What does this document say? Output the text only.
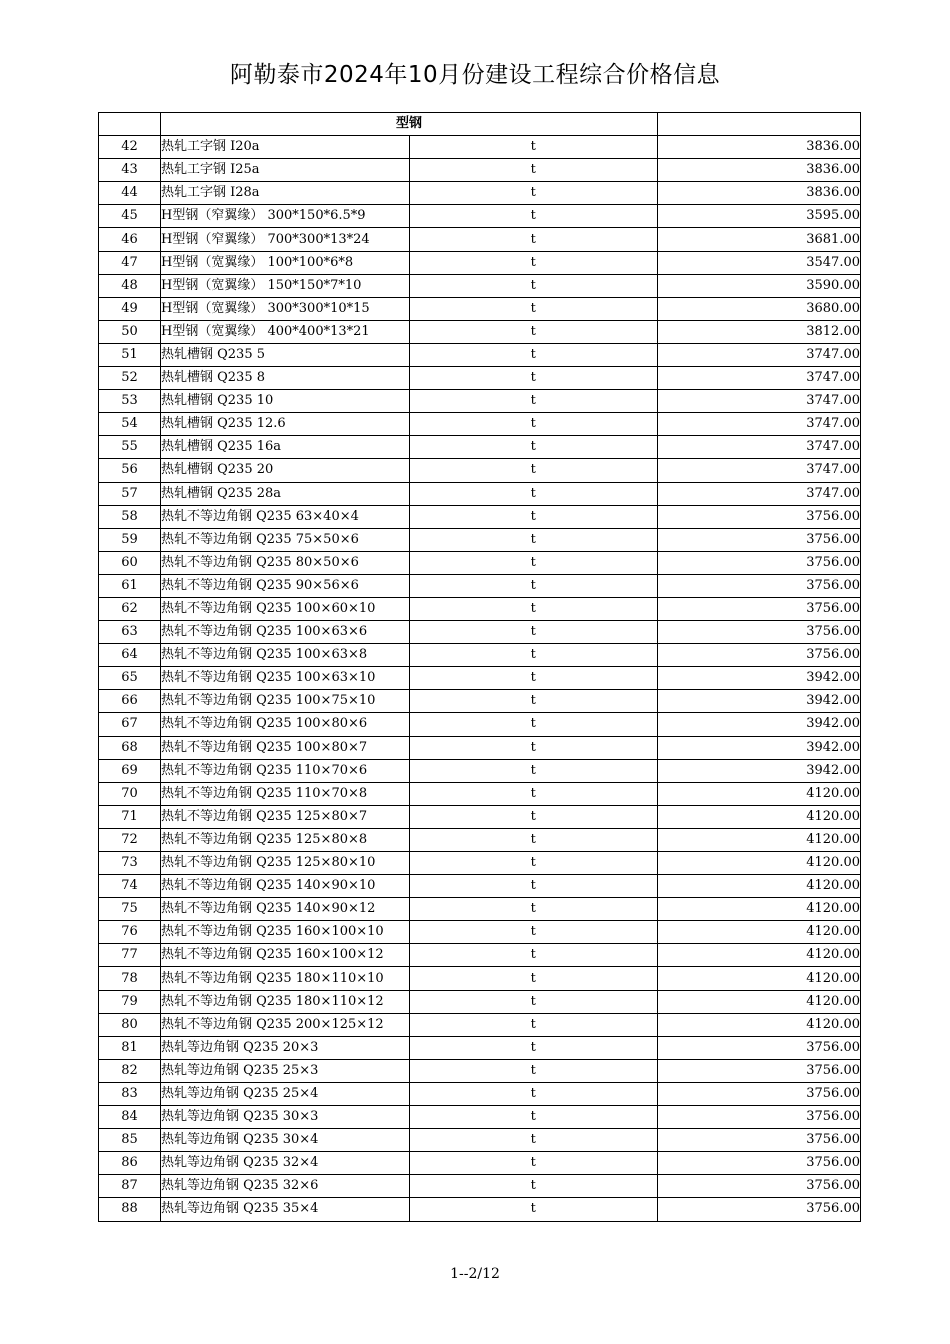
阿勒泰市2024年10月份建设工程综合价格信息
	型钢		
42	热轧工字钢 I20a	t	3836.00
43	热轧工字钢 I25a	t	3836.00
44	热轧工字钢 I28a	t	3836.00
45	H型钢（窄翼缘） 300*150*6.5*9	t	3595.00
46	H型钢（窄翼缘） 700*300*13*24	t	3681.00
47	H型钢（宽翼缘） 100*100*6*8	t	3547.00
48	H型钢（宽翼缘） 150*150*7*10	t	3590.00
49	H型钢（宽翼缘） 300*300*10*15	t	3680.00
50	H型钢（宽翼缘） 400*400*13*21	t	3812.00
51	热轧槽钢 Q235 5	t	3747.00
52	热轧槽钢 Q235 8	t	3747.00
53	热轧槽钢 Q235 10	t	3747.00
54	热轧槽钢 Q235 12.6	t	3747.00
55	热轧槽钢 Q235 16a	t	3747.00
56	热轧槽钢 Q235 20	t	3747.00
57	热轧槽钢 Q235 28a	t	3747.00
58	热轧不等边角钢 Q235 63×40×4	t	3756.00
59	热轧不等边角钢 Q235 75×50×6	t	3756.00
60	热轧不等边角钢 Q235 80×50×6	t	3756.00
61	热轧不等边角钢 Q235 90×56×6	t	3756.00
62	热轧不等边角钢 Q235 100×60×10	t	3756.00
63	热轧不等边角钢 Q235 100×63×6	t	3756.00
64	热轧不等边角钢 Q235 100×63×8	t	3756.00
65	热轧不等边角钢 Q235 100×63×10	t	3942.00
66	热轧不等边角钢 Q235 100×75×10	t	3942.00
67	热轧不等边角钢 Q235 100×80×6	t	3942.00
68	热轧不等边角钢 Q235 100×80×7	t	3942.00
69	热轧不等边角钢 Q235 110×70×6	t	3942.00
70	热轧不等边角钢 Q235 110×70×8	t	4120.00
71	热轧不等边角钢 Q235 125×80×7	t	4120.00
72	热轧不等边角钢 Q235 125×80×8	t	4120.00
73	热轧不等边角钢 Q235 125×80×10	t	4120.00
74	热轧不等边角钢 Q235 140×90×10	t	4120.00
75	热轧不等边角钢 Q235 140×90×12	t	4120.00
76	热轧不等边角钢 Q235 160×100×10	t	4120.00
77	热轧不等边角钢 Q235 160×100×12	t	4120.00
78	热轧不等边角钢 Q235 180×110×10	t	4120.00
79	热轧不等边角钢 Q235 180×110×12	t	4120.00
80	热轧不等边角钢 Q235 200×125×12	t	4120.00
81	热轧等边角钢 Q235 20×3	t	3756.00
82	热轧等边角钢 Q235 25×3	t	3756.00
83	热轧等边角钢 Q235 25×4	t	3756.00
84	热轧等边角钢 Q235 30×3	t	3756.00
85	热轧等边角钢 Q235 30×4	t	3756.00
86	热轧等边角钢 Q235 32×4	t	3756.00
87	热轧等边角钢 Q235 32×6	t	3756.00
88	热轧等边角钢 Q235 35×4	t	3756.00
1--2/12
